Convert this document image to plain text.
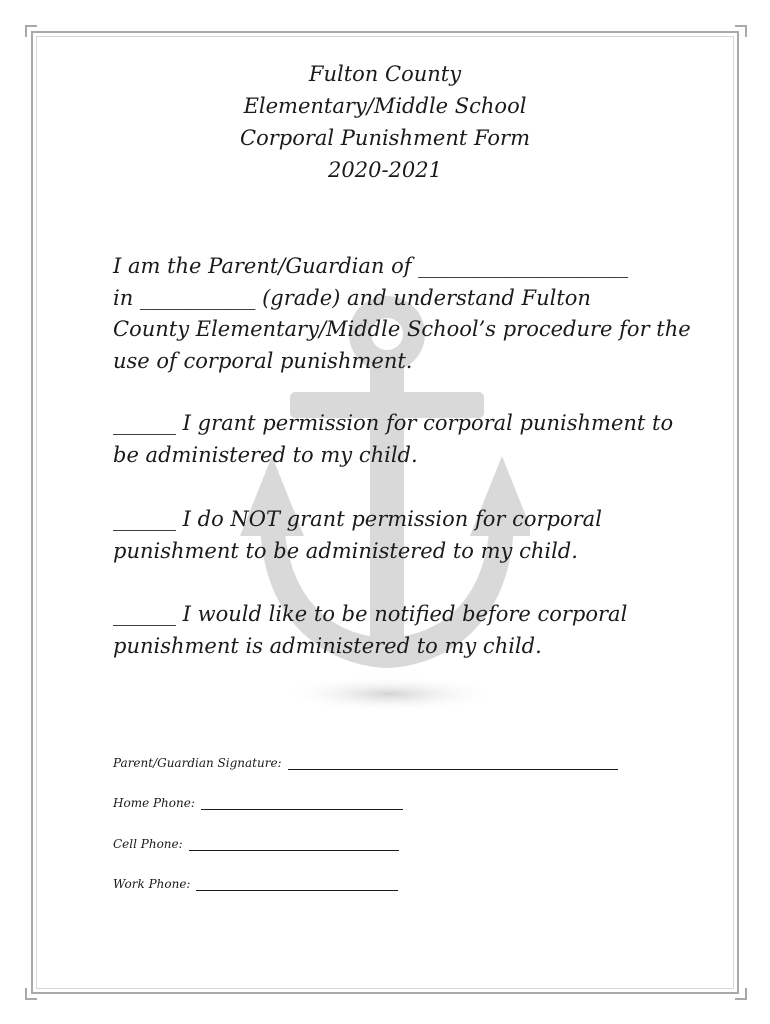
Fulton County
Elementary/Middle School
Corporal Punishment Form
2020-2021
I am the Parent/Guardian of ____________________
in ___________ (grade) and understand Fulton
County Elementary/Middle School’s procedure for the
use of corporal punishment.
______ I grant permission for corporal punishment to
be administered to my child.
______ I do NOT grant permission for corporal
punishment to be administered to my child.
______ I would like to be notified before corporal
punishment is administered to my child.
Parent/Guardian Signature:
Home Phone:
Cell Phone:
Work Phone:
